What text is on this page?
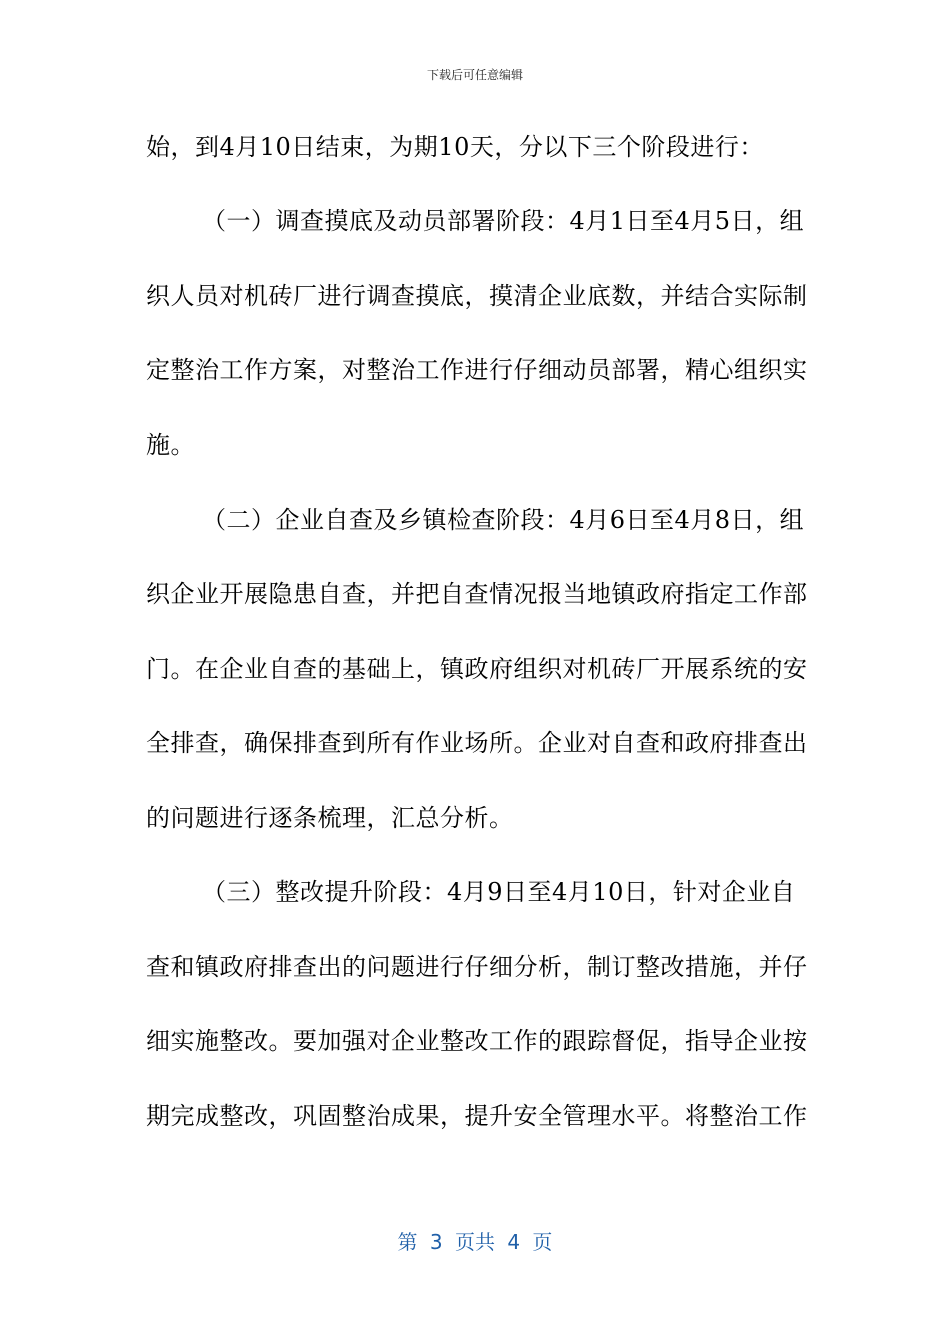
下载后可任意编辑
始，到4月10日结束，为期10天，分以下三个阶段进行：
（一）调查摸底及动员部署阶段：4月1日至4月5日，组
织人员对机砖厂进行调查摸底，摸清企业底数，并结合实际制
定整治工作方案，对整治工作进行仔细动员部署，精心组织实
施。
（二）企业自查及乡镇检查阶段：4月6日至4月8日，组
织企业开展隐患自查，并把自查情况报当地镇政府指定工作部
门。在企业自查的基础上，镇政府组织对机砖厂开展系统的安
全排查，确保排查到所有作业场所。企业对自查和政府排查出
的问题进行逐条梳理，汇总分析。
（三）整改提升阶段：4月9日至4月10日，针对企业自
查和镇政府排查出的问题进行仔细分析，制订整改措施，并仔
细实施整改。要加强对企业整改工作的跟踪督促，指导企业按
期完成整改，巩固整治成果，提升安全管理水平。将整治工作
第 3 页共 4 页
